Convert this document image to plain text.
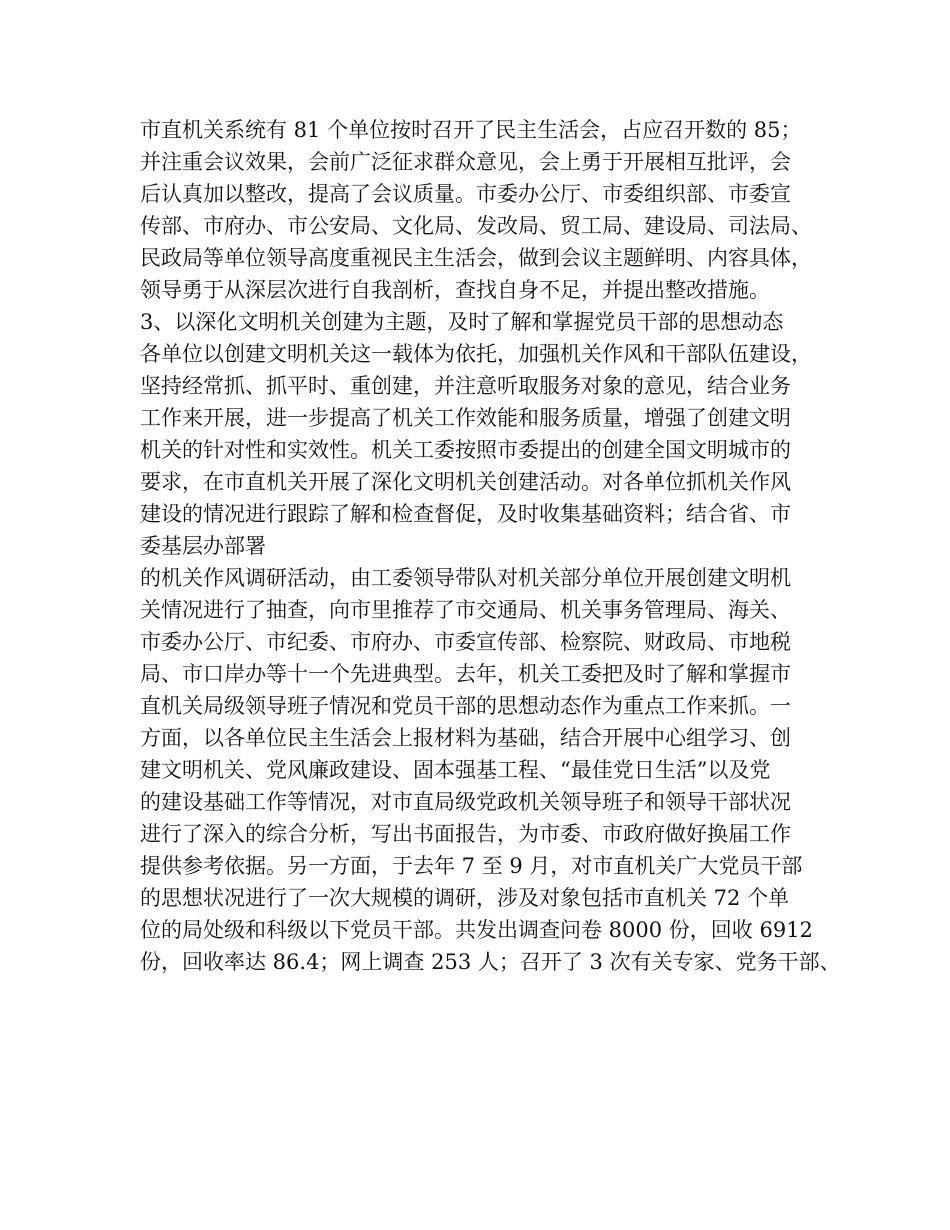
市直机关系统有 81 个单位按时召开了民主生活会，占应召开数的 85；
并注重会议效果，会前广泛征求群众意见，会上勇于开展相互批评，会
后认真加以整改，提高了会议质量。市委办公厅、市委组织部、市委宣
传部、市府办、市公安局、文化局、发改局、贸工局、建设局、司法局、
民政局等单位领导高度重视民主生活会，做到会议主题鲜明、内容具体，
领导勇于从深层次进行自我剖析，查找自身不足，并提出整改措施。
3、以深化文明机关创建为主题，及时了解和掌握党员干部的思想动态
各单位以创建文明机关这一载体为依托，加强机关作风和干部队伍建设，
坚持经常抓、抓平时、重创建，并注意听取服务对象的意见，结合业务
工作来开展，进一步提高了机关工作效能和服务质量，增强了创建文明
机关的针对性和实效性。机关工委按照市委提出的创建全国文明城市的
要求，在市直机关开展了深化文明机关创建活动。对各单位抓机关作风
建设的情况进行跟踪了解和检查督促，及时收集基础资料；结合省、市
委基层办部署
的机关作风调研活动，由工委领导带队对机关部分单位开展创建文明机
关情况进行了抽查，向市里推荐了市交通局、机关事务管理局、海关、
市委办公厅、市纪委、市府办、市委宣传部、检察院、财政局、市地税
局、市口岸办等十一个先进典型。去年，机关工委把及时了解和掌握市
直机关局级领导班子情况和党员干部的思想动态作为重点工作来抓。一
方面，以各单位民主生活会上报材料为基础，结合开展中心组学习、创
建文明机关、党风廉政建设、固本强基工程、“最佳党日生活”以及党
的建设基础工作等情况，对市直局级党政机关领导班子和领导干部状况
进行了深入的综合分析，写出书面报告，为市委、市政府做好换届工作
提供参考依据。另一方面，于去年 7 至 9 月，对市直机关广大党员干部
的思想状况进行了一次大规模的调研，涉及对象包括市直机关 72 个单
位的局处级和科级以下党员干部。共发出调查问卷 8000 份，回收 6912
份，回收率达 86.4；网上调查 253 人；召开了 3 次有关专家、党务干部、
